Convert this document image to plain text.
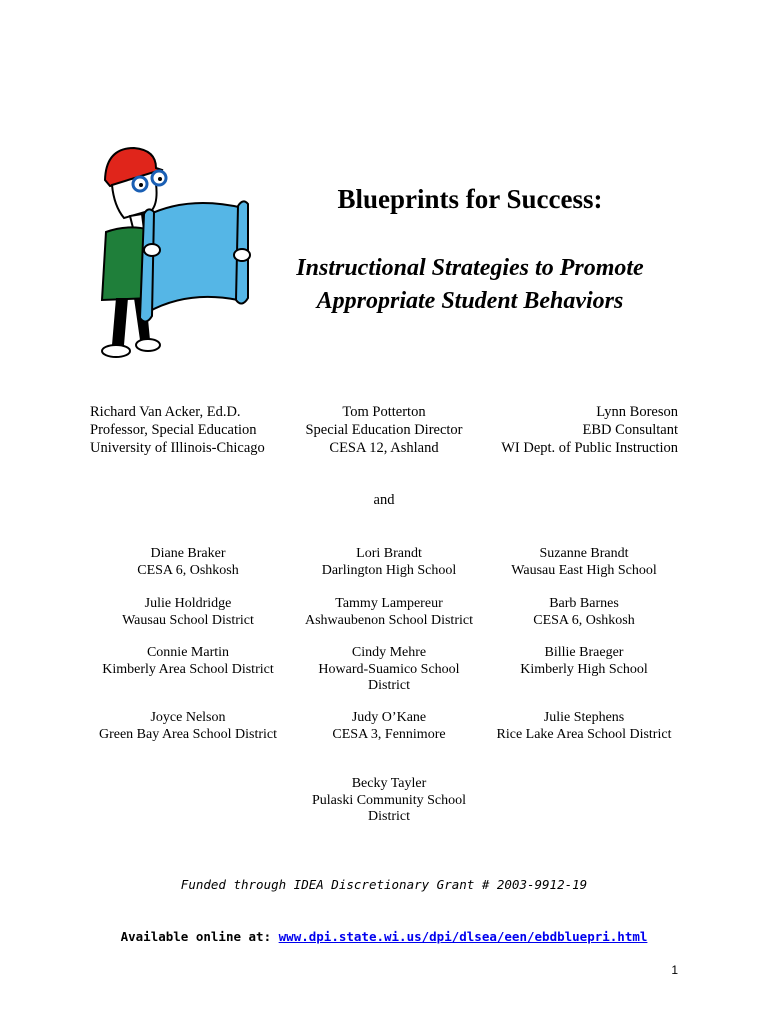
Blueprints for Success:
Instructional Strategies to Promote
Appropriate Student Behaviors
Richard Van Acker, Ed.D.
Professor, Special Education
University of Illinois-Chicago
Tom Potterton
Special Education Director
CESA 12, Ashland
Lynn Boreson
EBD Consultant
WI Dept. of Public Instruction
and
Diane Braker
CESA 6, Oshkosh
Lori Brandt
Darlington High School
Suzanne Brandt
Wausau East High School
Julie Holdridge
Wausau School District
Tammy Lampereur
Ashwaubenon School District
Barb Barnes
CESA 6, Oshkosh
Connie Martin
Kimberly Area School District
Cindy Mehre
Howard-Suamico School
District
Billie Braeger
Kimberly High School
Joyce Nelson
Green Bay Area School District
Judy O’Kane
CESA 3, Fennimore
Julie Stephens
Rice Lake Area School District
Becky Tayler
Pulaski Community School
District
Funded through IDEA Discretionary Grant # 2003-9912-19
Available online at: www.dpi.state.wi.us/dpi/dlsea/een/ebdbluepri.html
1
